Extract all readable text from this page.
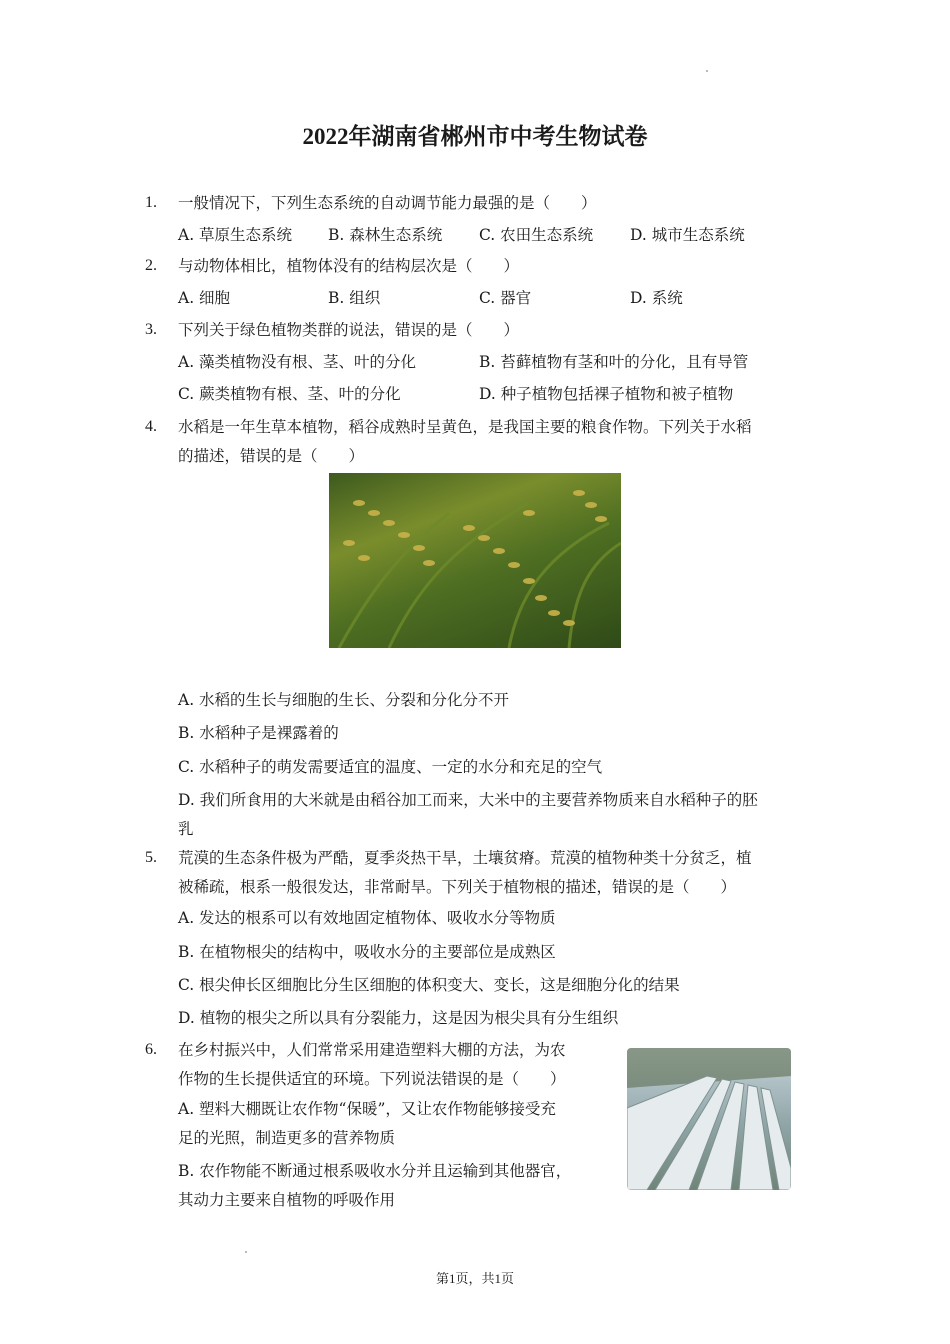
2022年湖南省郴州市中考生物试卷
1. 一般情况下，下列生态系统的自动调节能力最强的是（　　）
A. 草原生态系统 B. 森林生态系统 C. 农田生态系统 D. 城市生态系统
2. 与动物体相比，植物体没有的结构层次是（　　）
A. 细胞	B. 组织	C. 器官	D. 系统
3. 下列关于绿色植物类群的说法，错误的是（　　）
A. 藻类植物没有根、茎、叶的分化	B. 苔藓植物有茎和叶的分化，且有导管
C. 蕨类植物有根、茎、叶的分化	D. 种子植物包括裸子植物和被子植物
4. 水稻是一年生草本植物，稻谷成熟时呈黄色，是我国主要的粮食作物。下列关于水稻
的描述，错误的是（　　）
A. 水稻的生长与细胞的生长、分裂和分化分不开
B. 水稻种子是裸露着的
C. 水稻种子的萌发需要适宜的温度、一定的水分和充足的空气
D. 我们所食用的大米就是由稻谷加工而来，大米中的主要营养物质来自水稻种子的胚
乳
5. 荒漠的生态条件极为严酷，夏季炎热干旱，土壤贫瘠。荒漠的植物种类十分贫乏，植
被稀疏，根系一般很发达，非常耐旱。下列关于植物根的描述，错误的是（　　）
A. 发达的根系可以有效地固定植物体、吸收水分等物质
B. 在植物根尖的结构中，吸收水分的主要部位是成熟区
C. 根尖伸长区细胞比分生区细胞的体积变大、变长，这是细胞分化的结果
D. 植物的根尖之所以具有分裂能力，这是因为根尖具有分生组织
6. 在乡村振兴中，人们常常采用建造塑料大棚的方法，为农
作物的生长提供适宜的环境。下列说法错误的是（　　）
A. 塑料大棚既让农作物“保暖”，又让农作物能够接受充
足的光照，制造更多的营养物质
B. 农作物能不断通过根系吸收水分并且运输到其他器官，
其动力主要来自植物的呼吸作用
第1页，共1页
